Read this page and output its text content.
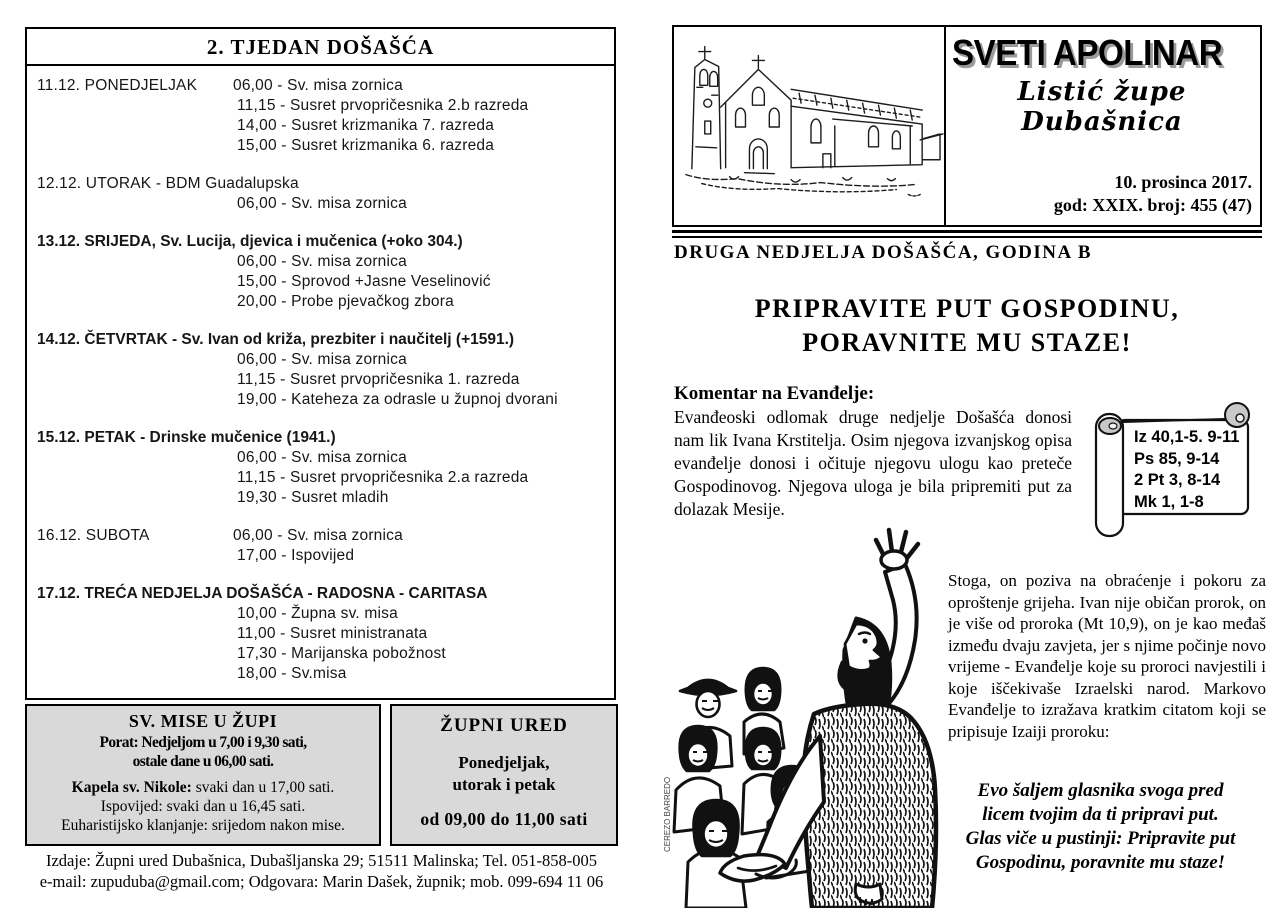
2. TJEDAN DOŠAŠĆA
11.12. PONEDJELJAK 06,00 - Sv. misa zornica
11,15 - Susret prvopričesnika 2.b razreda
14,00 - Susret krizmanika 7. razreda
15,00 - Susret krizmanika 6. razreda
12.12. UTORAK - BDM Guadalupska
06,00 - Sv. misa zornica
13.12. SRIJEDA, Sv. Lucija, djevica i mučenica (+oko 304.)
06,00 - Sv. misa zornica
15,00 - Sprovod +Jasne Veselinović
20,00 - Probe pjevačkog zbora
14.12. ČETVRTAK - Sv. Ivan od križa, prezbiter i naučitelj (+1591.)
06,00 - Sv. misa zornica
11,15 - Susret prvopričesnika 1. razreda
19,00 - Kateheza za odrasle u župnoj dvorani
15.12. PETAK - Drinske mučenice (1941.)
06,00 - Sv. misa zornica
11,15 - Susret prvopričesnika 2.a razreda
19,30 - Susret mladih
16.12. SUBOTA	06,00 - Sv. misa zornica
17,00 - Ispovijed
17.12. TREĆA NEDJELJA DOŠAŠĆA - RADOSNA - CARITASA
10,00 - Župna sv. misa
11,00 - Susret ministranata
17,30 - Marijanska pobožnost
18,00 - Sv.misa
SV. MISE U ŽUPI
Porat: Nedjeljom u 7,00 i 9,30 sati,
ostale dane u 06,00 sati.
Kapela sv. Nikole: svaki dan u 17,00 sati.
Ispovijed: svaki dan u 16,45 sati.
Euharistijsko klanjanje: srijedom nakon mise.
ŽUPNI URED
Ponedjeljak,
utorak i petak
od 09,00 do 11,00 sati
Izdaje: Župni ured Dubašnica, Dubašljanska 29; 51511 Malinska; Tel. 051-858-005
e-mail: zupuduba@gmail.com; Odgovara: Marin Dašek, župnik; mob. 099-694 11 06
SVETI APOLINAR
Listić župe Dubašnica
10. prosinca 2017.
god: XXIX. broj: 455 (47)
DRUGA NEDJELJA DOŠAŠĆA, GODINA B
PRIPRAVITE PUT GOSPODINU,
PORAVNITE MU STAZE!
Komentar na Evanđelje:
Evanđeoski odlomak druge nedjelje Došašća donosi nam lik Ivana Krstitelja. Osim njegova izvanjskog opisa evanđelje donosi i očituje njegovu ulogu kao preteče Gospodinovog. Njegova uloga je bila pripremiti put za dolazak Mesije.
Iz 40,1-5. 9-11
Ps 85, 9-14
2 Pt 3, 8-14
Mk 1, 1-8
CEREZO BARREDO
Stoga, on poziva na obraćenje i pokoru za oproštenje grijeha. Ivan nije običan prorok, on je više od proroka (Mt 10,9), on je kao međaš između dvaju zavjeta, jer s njime počinje novo vrijeme - Evanđelje koje su proroci navjestili i koje iščekivaše Izraelski narod. Markovo Evanđelje to izražava kratkim citatom koji se pripisuje Izaiji proroku:
Evo šaljem glasnika svoga pred
licem tvojim da ti pripravi put.
Glas viče u pustinji: Pripravite put
Gospodinu, poravnite mu staze!
